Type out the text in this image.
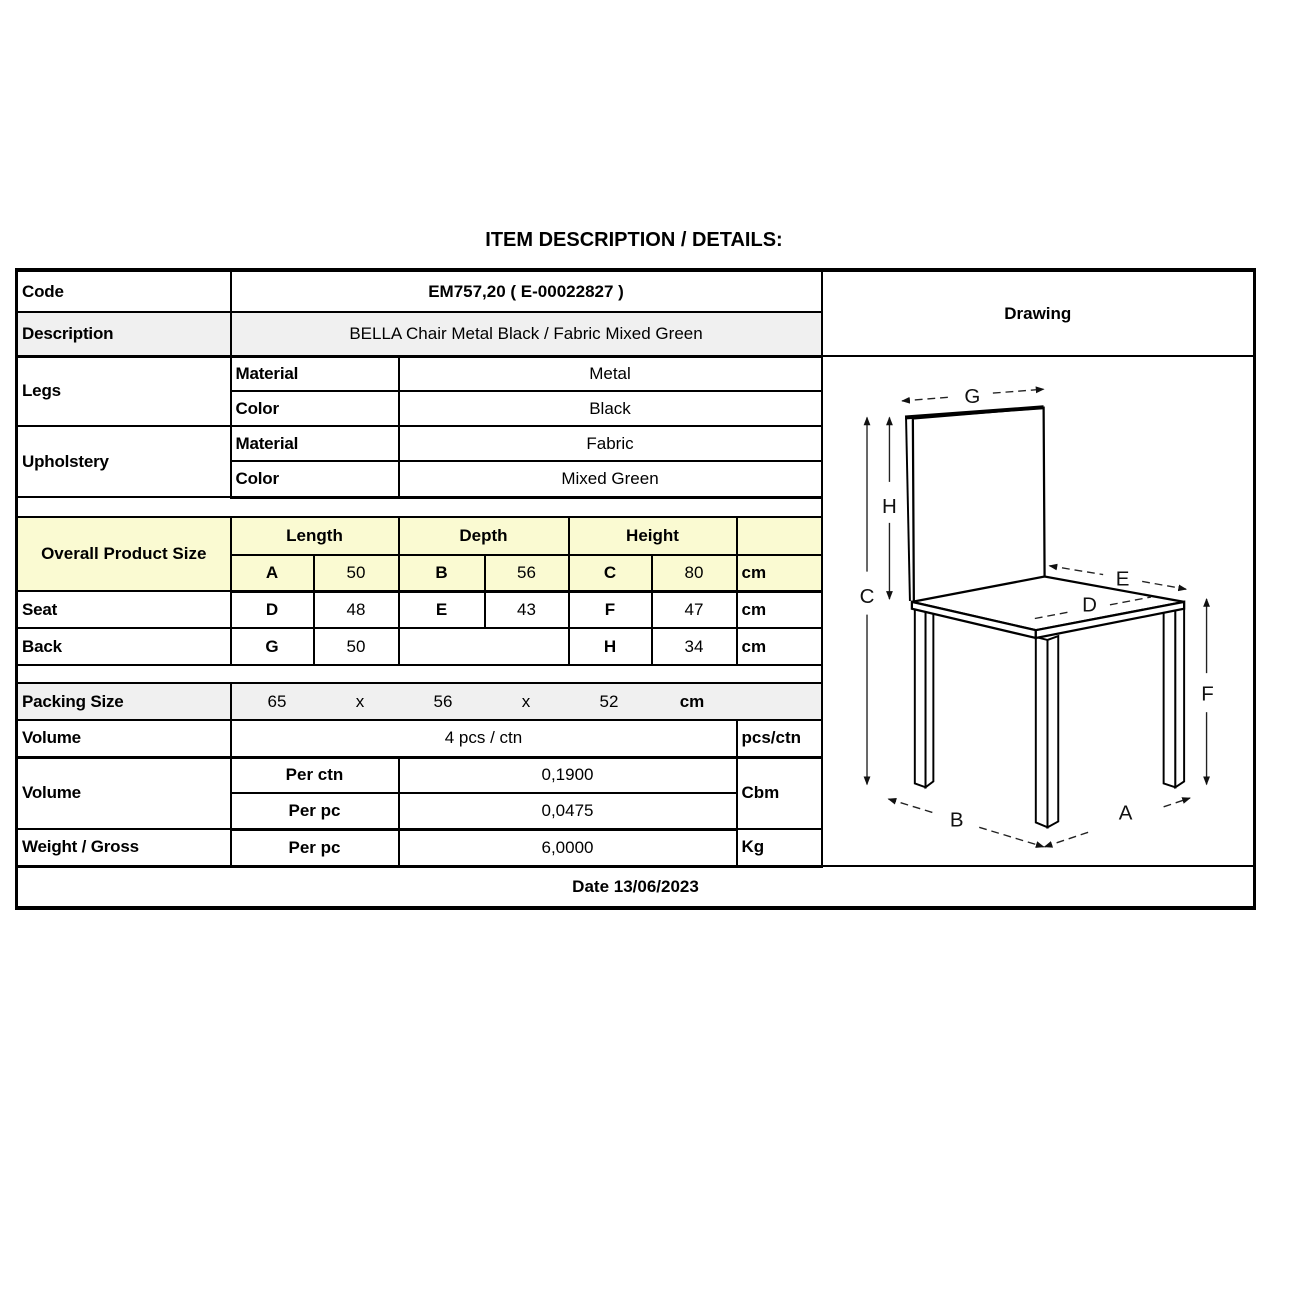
ITEM DESCRIPTION / DETAILS:
Code	EM757,20 ( E-00022827 )							Drawing
Description	BELLA Chair Metal Black / Fabric Mixed Green							
Legs	Material	Metal	
G
H
C
E
D
F
B	A

	Color		Black					
Upholstery	Material		Fabric					
	Color		Mixed Green					

Overall Product Size	Length		Depth		Height			
	A	50	B	56	C	80	cm	
Seat	D	48	E	43	F	47	cm	
Back	G	50			H	34	cm	

Packing Size	65	x	56	x	52	cm

Volume	4 pcs / ctn						pcs/ctn	
Volume	Per ctn		0,1900				Cbm	
	Per pc		0,0475					
Weight / Gross	Per pc		6,0000				Kg	
Date 13/06/2023								
